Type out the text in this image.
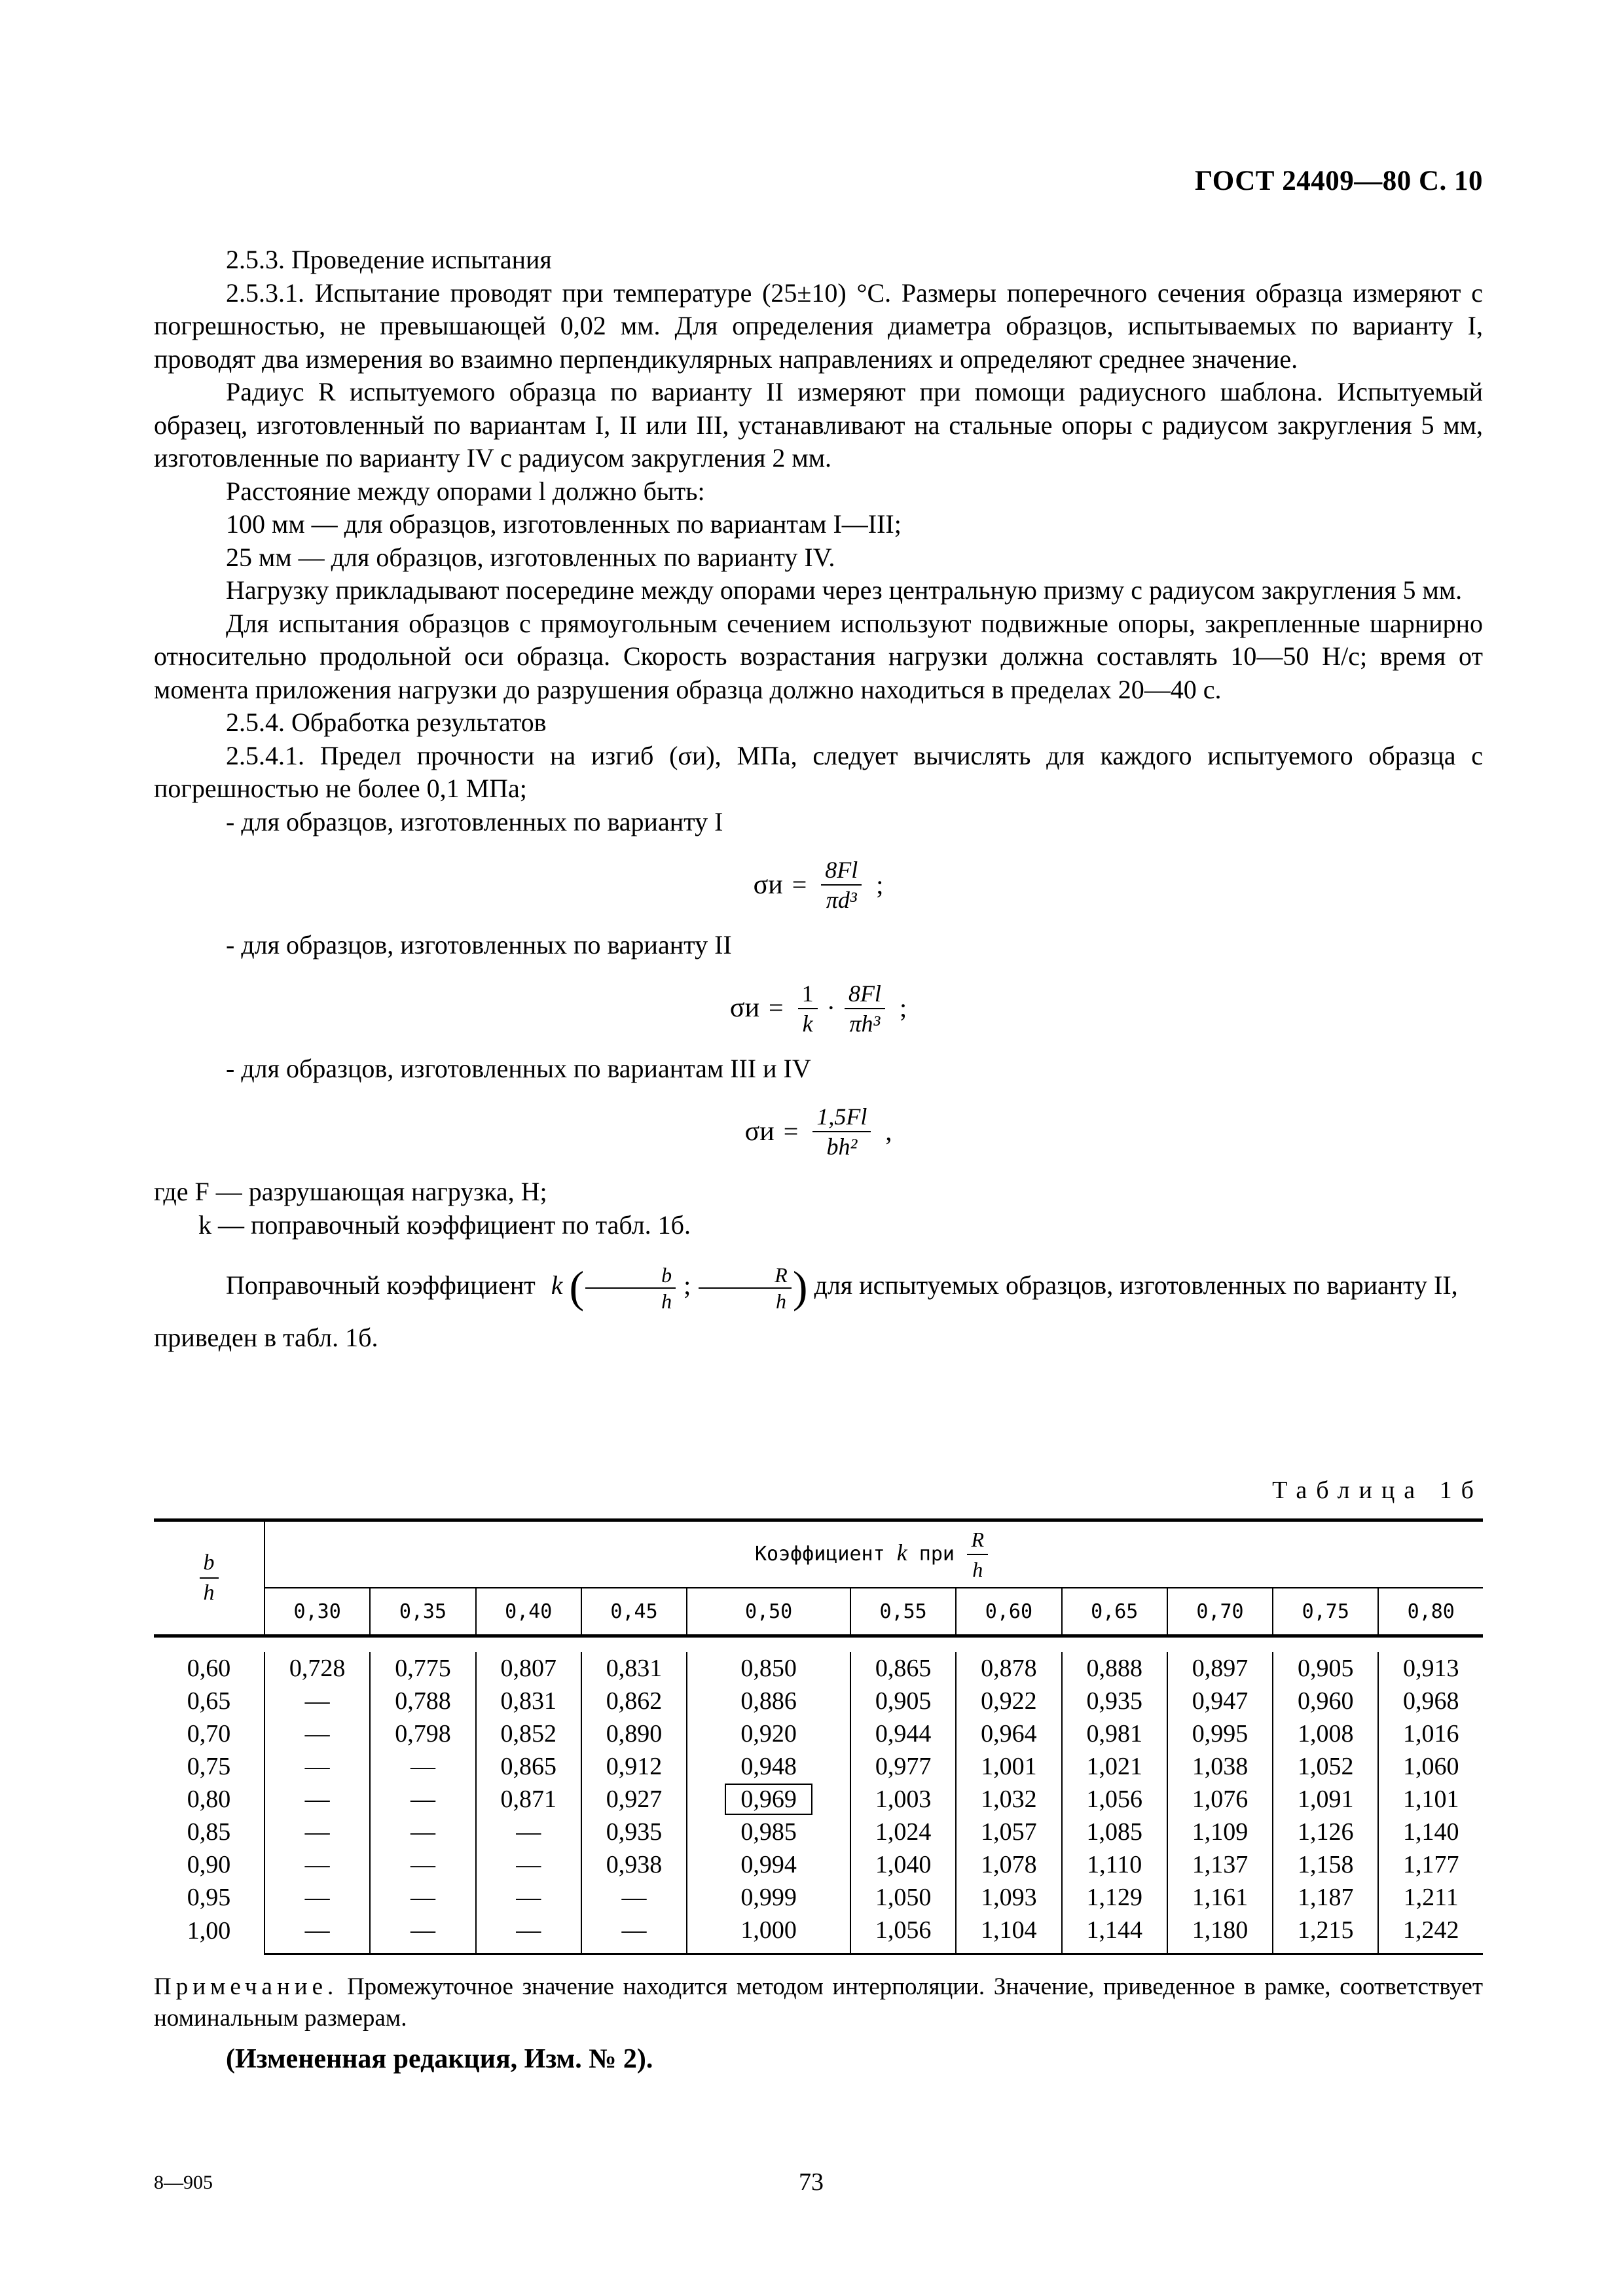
ГОСТ 24409—80 С. 10

2.5.3. Проведение испытания

2.5.3.1. Испытание проводят при температуре (25±10) °С. Размеры поперечного сечения образца измеряют с погрешностью, не превышающей 0,02 мм. Для определения диаметра образцов, испытываемых по варианту I, проводят два измерения во взаимно перпендикулярных направлениях и определяют среднее значение.

Радиус R испытуемого образца по варианту II измеряют при помощи радиусного шаблона. Испытуемый образец, изготовленный по вариантам I, II или III, устанавливают на стальные опоры с радиусом закругления 5 мм, изготовленные по варианту IV с радиусом закругления 2 мм.

Расстояние между опорами l должно быть:

100 мм — для образцов, изготовленных по вариантам I—III;

25 мм — для образцов, изготовленных по варианту IV.

Нагрузку прикладывают посередине между опорами через центральную призму с радиусом закругления 5 мм.

Для испытания образцов с прямоугольным сечением используют подвижные опоры, закрепленные шарнирно относительно продольной оси образца. Скорость возрастания нагрузки должна составлять 10—50 Н/с; время от момента приложения нагрузки до разрушения образца должно находиться в пределах 20—40 с.

2.5.4. Обработка результатов

2.5.4.1. Предел прочности на изгиб (σи), МПа, следует вычислять для каждого испытуемого образца с погрешностью не более 0,1 МПа;

- для образцов, изготовленных по варианту I

$\sigma и = \frac{8Fl}{\text{πd³}}$ ;

- для образцов, изготовленных по варианту II

$\sigma и = \frac{1}{k} \cdot \frac{8Fl}{\text{πh³}}$ ;

- для образцов, изготовленных по вариантам III и IV

$\sigma и = \frac{1,5Fl}{\text{bh²}}$ ,
где F — разрушающая нагрузка, Н;
k — поправочный коэффициент по табл. 1б.

Поправочный коэффициент k ( $\frac{b}{h}$ ; $\frac{R}{h}$ ) для испытуемых образцов, изготовленных по варианту II,

приведен в табл. 1б.

Таблица 1б
$\frac{b}{h}$	Коэффициент k при $\frac{R}{h}$

	0,30	0,35	0,40	0,45	0,50	0,55	0,60	0,65	0,70	0,75	0,80

0,60	0,728	0,775	0,807	0,831	0,850	0,865	0,878	0,888	0,897	0,905	0,913
0,65	—	0,788	0,831	0,862	0,886	0,905	0,922	0,935	0,947	0,960	0,968
0,70	—	0,798	0,852	0,890	0,920	0,944	0,964	0,981	0,995	1,008	1,016
0,75	—	—	0,865	0,912	0,948	0,977	1,001	1,021	1,038	1,052	1,060
0,80	—	—	0,871	0,927	0,969	1,003	1,032	1,056	1,076	1,091	1,101
0,85	—	—	—	0,935	0,985	1,024	1,057	1,085	1,109	1,126	1,140
0,90	—	—	—	0,938	0,994	1,040	1,078	1,110	1,137	1,158	1,177
0,95	—	—	—	—	0,999	1,050	1,093	1,129	1,161	1,187	1,211
1,00	—	—	—	—	1,000	1,056	1,104	1,144	1,180	1,215	1,242
Примечание. Промежуточное значение находится методом интерполяции. Значение, приведенное в рамке, соответствует номинальным размерам.
(Измененная редакция, Изм. № 2).
8—905	73
